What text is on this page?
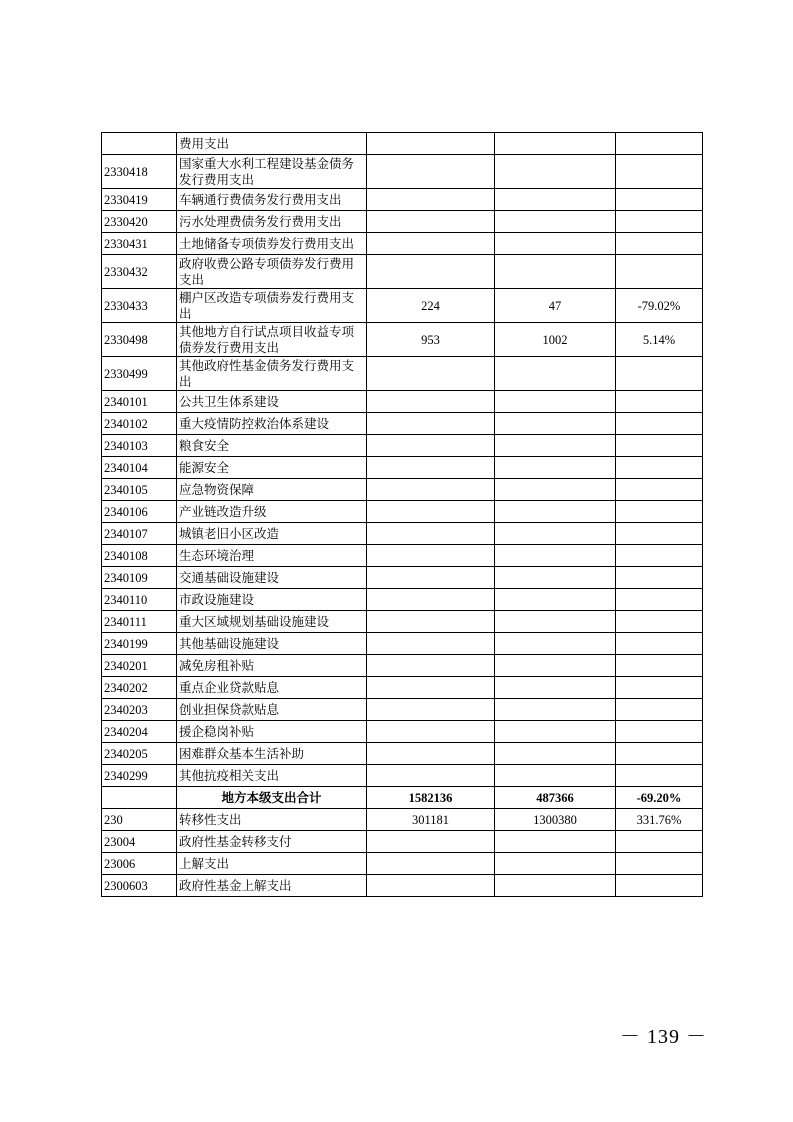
	费用支出			
2330418	国家重大水利工程建设基金债务发行费用支出			
2330419	车辆通行费债务发行费用支出			
2330420	污水处理费债务发行费用支出			
2330431	土地储备专项债券发行费用支出			
2330432	政府收费公路专项债券发行费用支出			
2330433	棚户区改造专项债券发行费用支出	224	47	-79.02%
2330498	其他地方自行试点项目收益专项债券发行费用支出	953	1002	5.14%
2330499	其他政府性基金债务发行费用支出			
2340101	公共卫生体系建设			
2340102	重大疫情防控救治体系建设			
2340103	粮食安全			
2340104	能源安全			
2340105	应急物资保障			
2340106	产业链改造升级			
2340107	城镇老旧小区改造			
2340108	生态环境治理			
2340109	交通基础设施建设			
2340110	市政设施建设			
2340111	重大区域规划基础设施建设			
2340199	其他基础设施建设			
2340201	减免房租补贴			
2340202	重点企业贷款贴息			
2340203	创业担保贷款贴息			
2340204	援企稳岗补贴			
2340205	困难群众基本生活补助			
2340299	其他抗疫相关支出			
	地方本级支出合计	1582136	487366	-69.20%
230	转移性支出	301181	1300380	331.76%
23004	政府性基金转移支付			
23006	上解支出			
2300603	政府性基金上解支出			
－ 139 －
